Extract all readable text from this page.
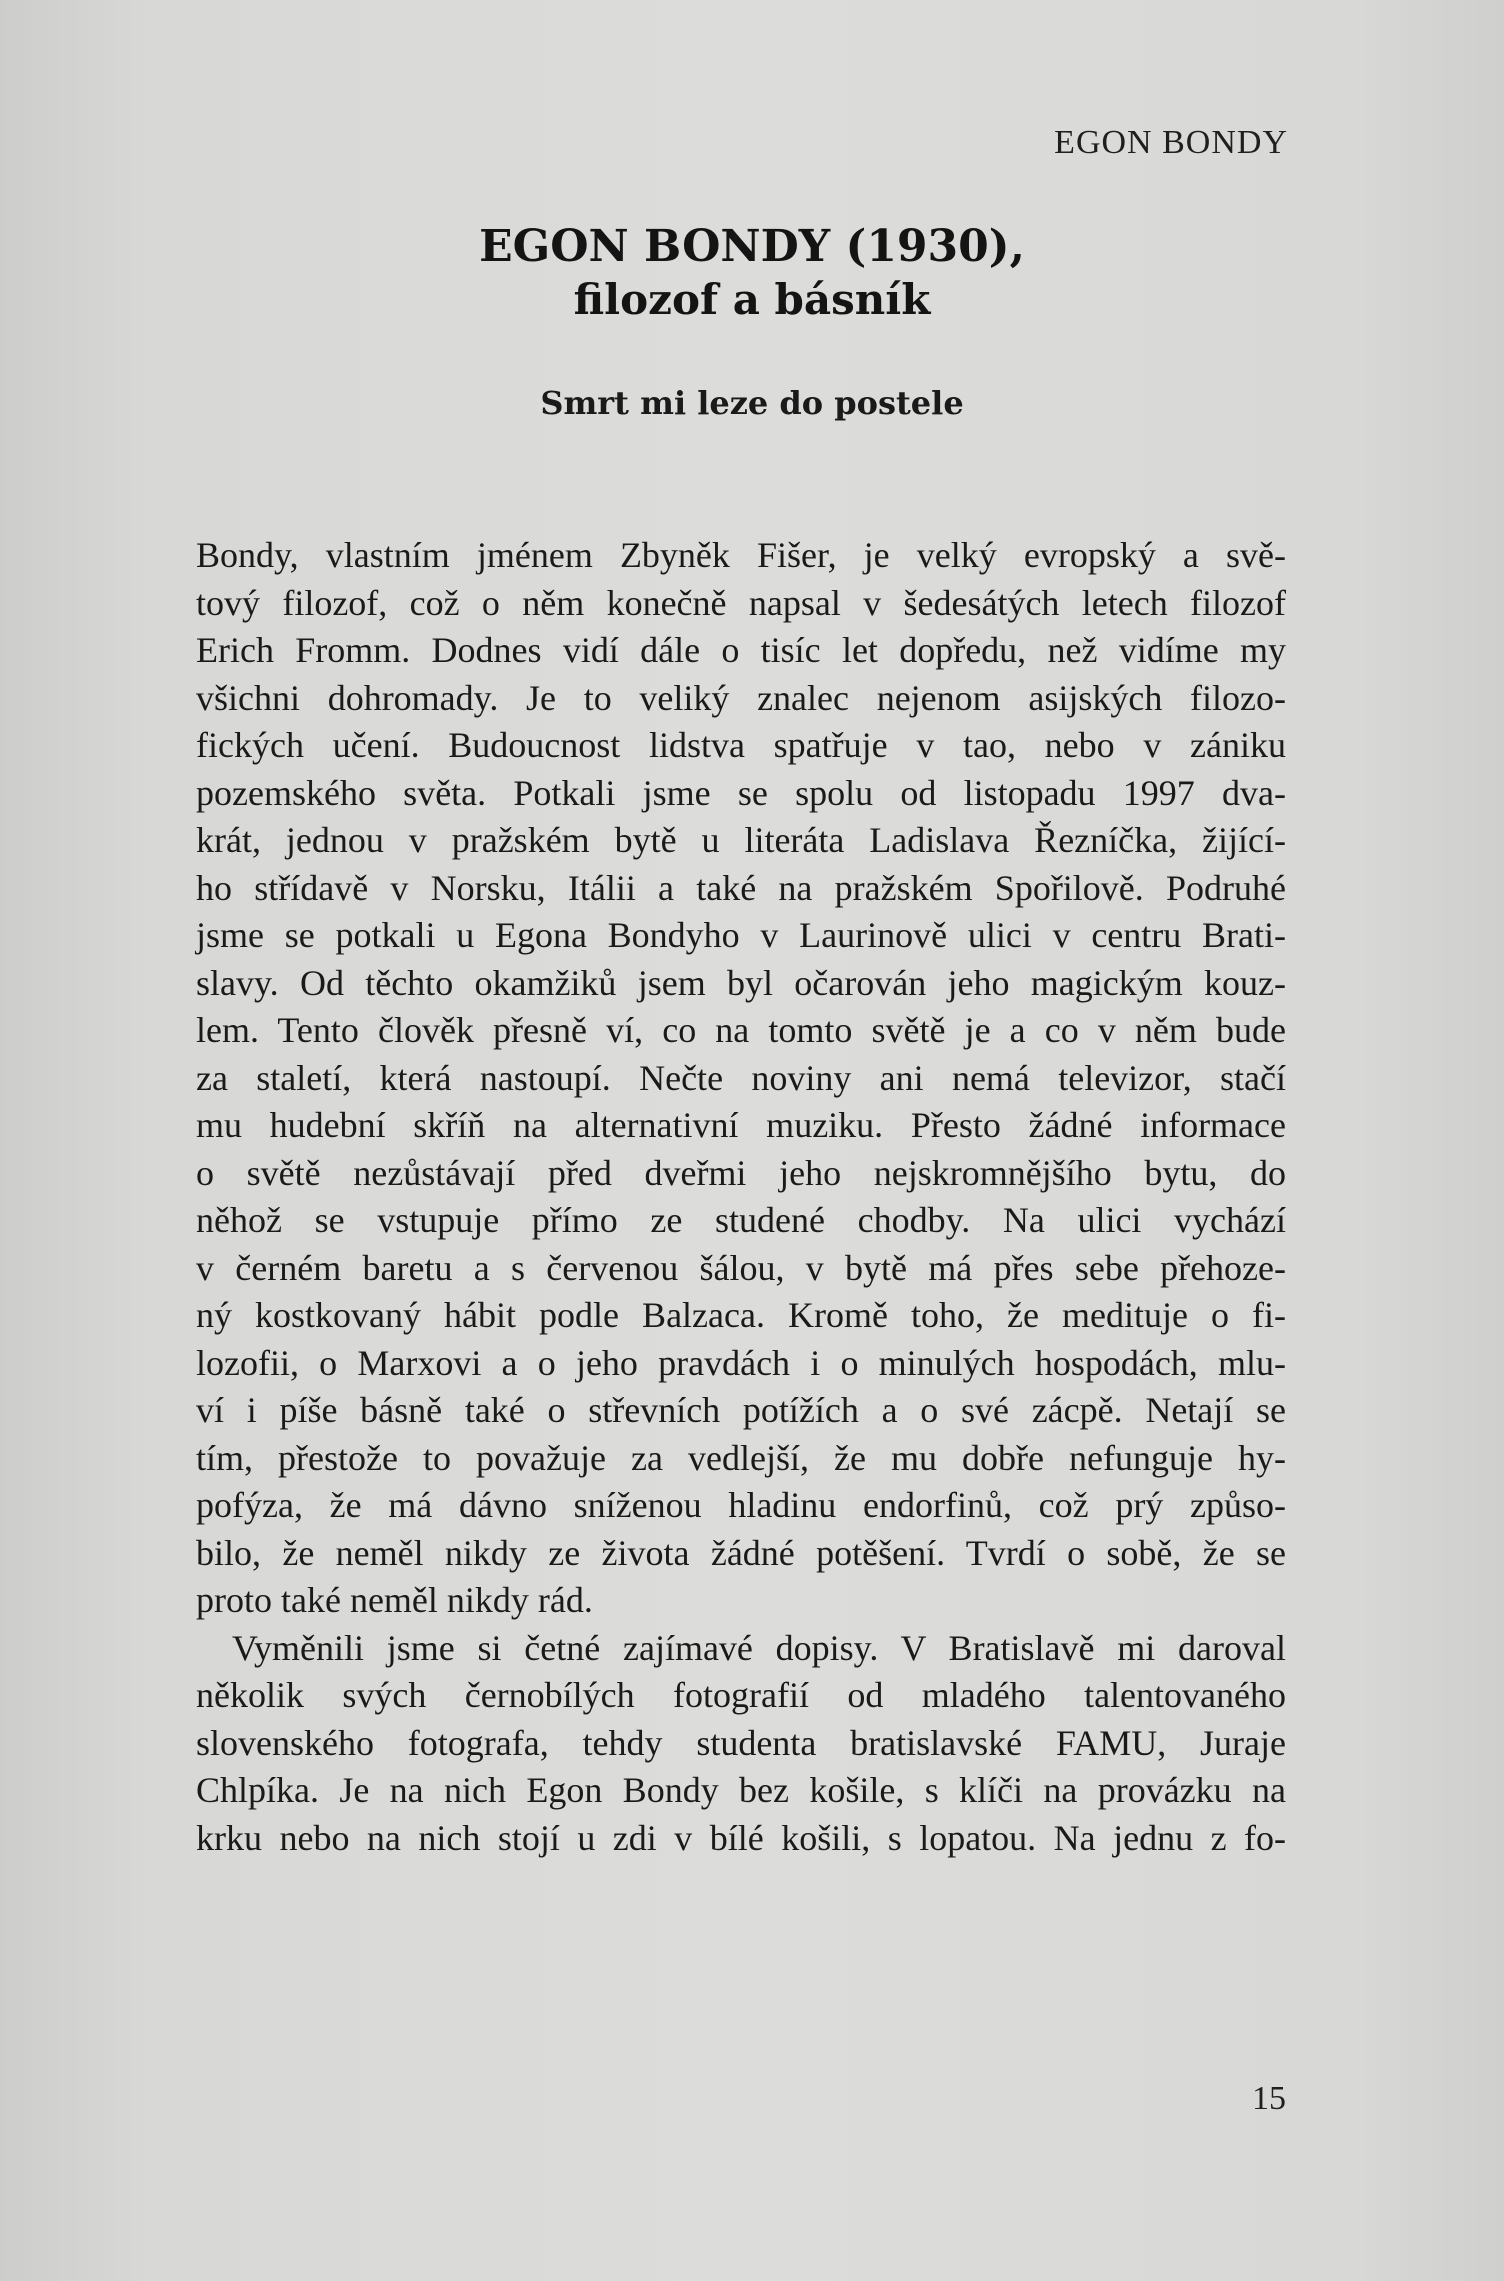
EGON BONDY
EGON BONDY (1930),
filozof a básník
Smrt mi leze do postele
Bondy, vlastním jménem Zbyněk Fišer, je velký evropský a svě-
tový filozof, což o něm konečně napsal v šedesátých letech filozof
Erich Fromm. Dodnes vidí dále o tisíc let dopředu, než vidíme my
všichni dohromady. Je to veliký znalec nejenom asijských filozo-
fických učení. Budoucnost lidstva spatřuje v tao, nebo v zániku
pozemského světa. Potkali jsme se spolu od listopadu 1997 dva-
krát, jednou v pražském bytě u literáta Ladislava Řezníčka, žijící-
ho střídavě v Norsku, Itálii a také na pražském Spořilově. Podruhé
jsme se potkali u Egona Bondyho v Laurinově ulici v centru Brati-
slavy. Od těchto okamžiků jsem byl očarován jeho magickým kouz-
lem. Tento člověk přesně ví, co na tomto světě je a co v něm bude
za staletí, která nastoupí. Nečte noviny ani nemá televizor, stačí
mu hudební skříň na alternativní muziku. Přesto žádné informace
o světě nezůstávají před dveřmi jeho nejskromnějšího bytu, do
něhož se vstupuje přímo ze studené chodby. Na ulici vychází
v černém baretu a s červenou šálou, v bytě má přes sebe přehoze-
ný kostkovaný hábit podle Balzaca. Kromě toho, že medituje o fi-
lozofii, o Marxovi a o jeho pravdách i o minulých hospodách, mlu-
ví i píše básně také o střevních potížích a o své zácpě. Netají se
tím, přestože to považuje za vedlejší, že mu dobře nefunguje hy-
pofýza, že má dávno sníženou hladinu endorfinů, což prý způso-
bilo, že neměl nikdy ze života žádné potěšení. Tvrdí o sobě, že se
proto také neměl nikdy rád.
Vyměnili jsme si četné zajímavé dopisy. V Bratislavě mi daroval
několik svých černobílých fotografií od mladého talentovaného
slovenského fotografa, tehdy studenta bratislavské FAMU, Juraje
Chlpíka. Je na nich Egon Bondy bez košile, s klíči na provázku na
krku nebo na nich stojí u zdi v bílé košili, s lopatou. Na jednu z fo-
15
